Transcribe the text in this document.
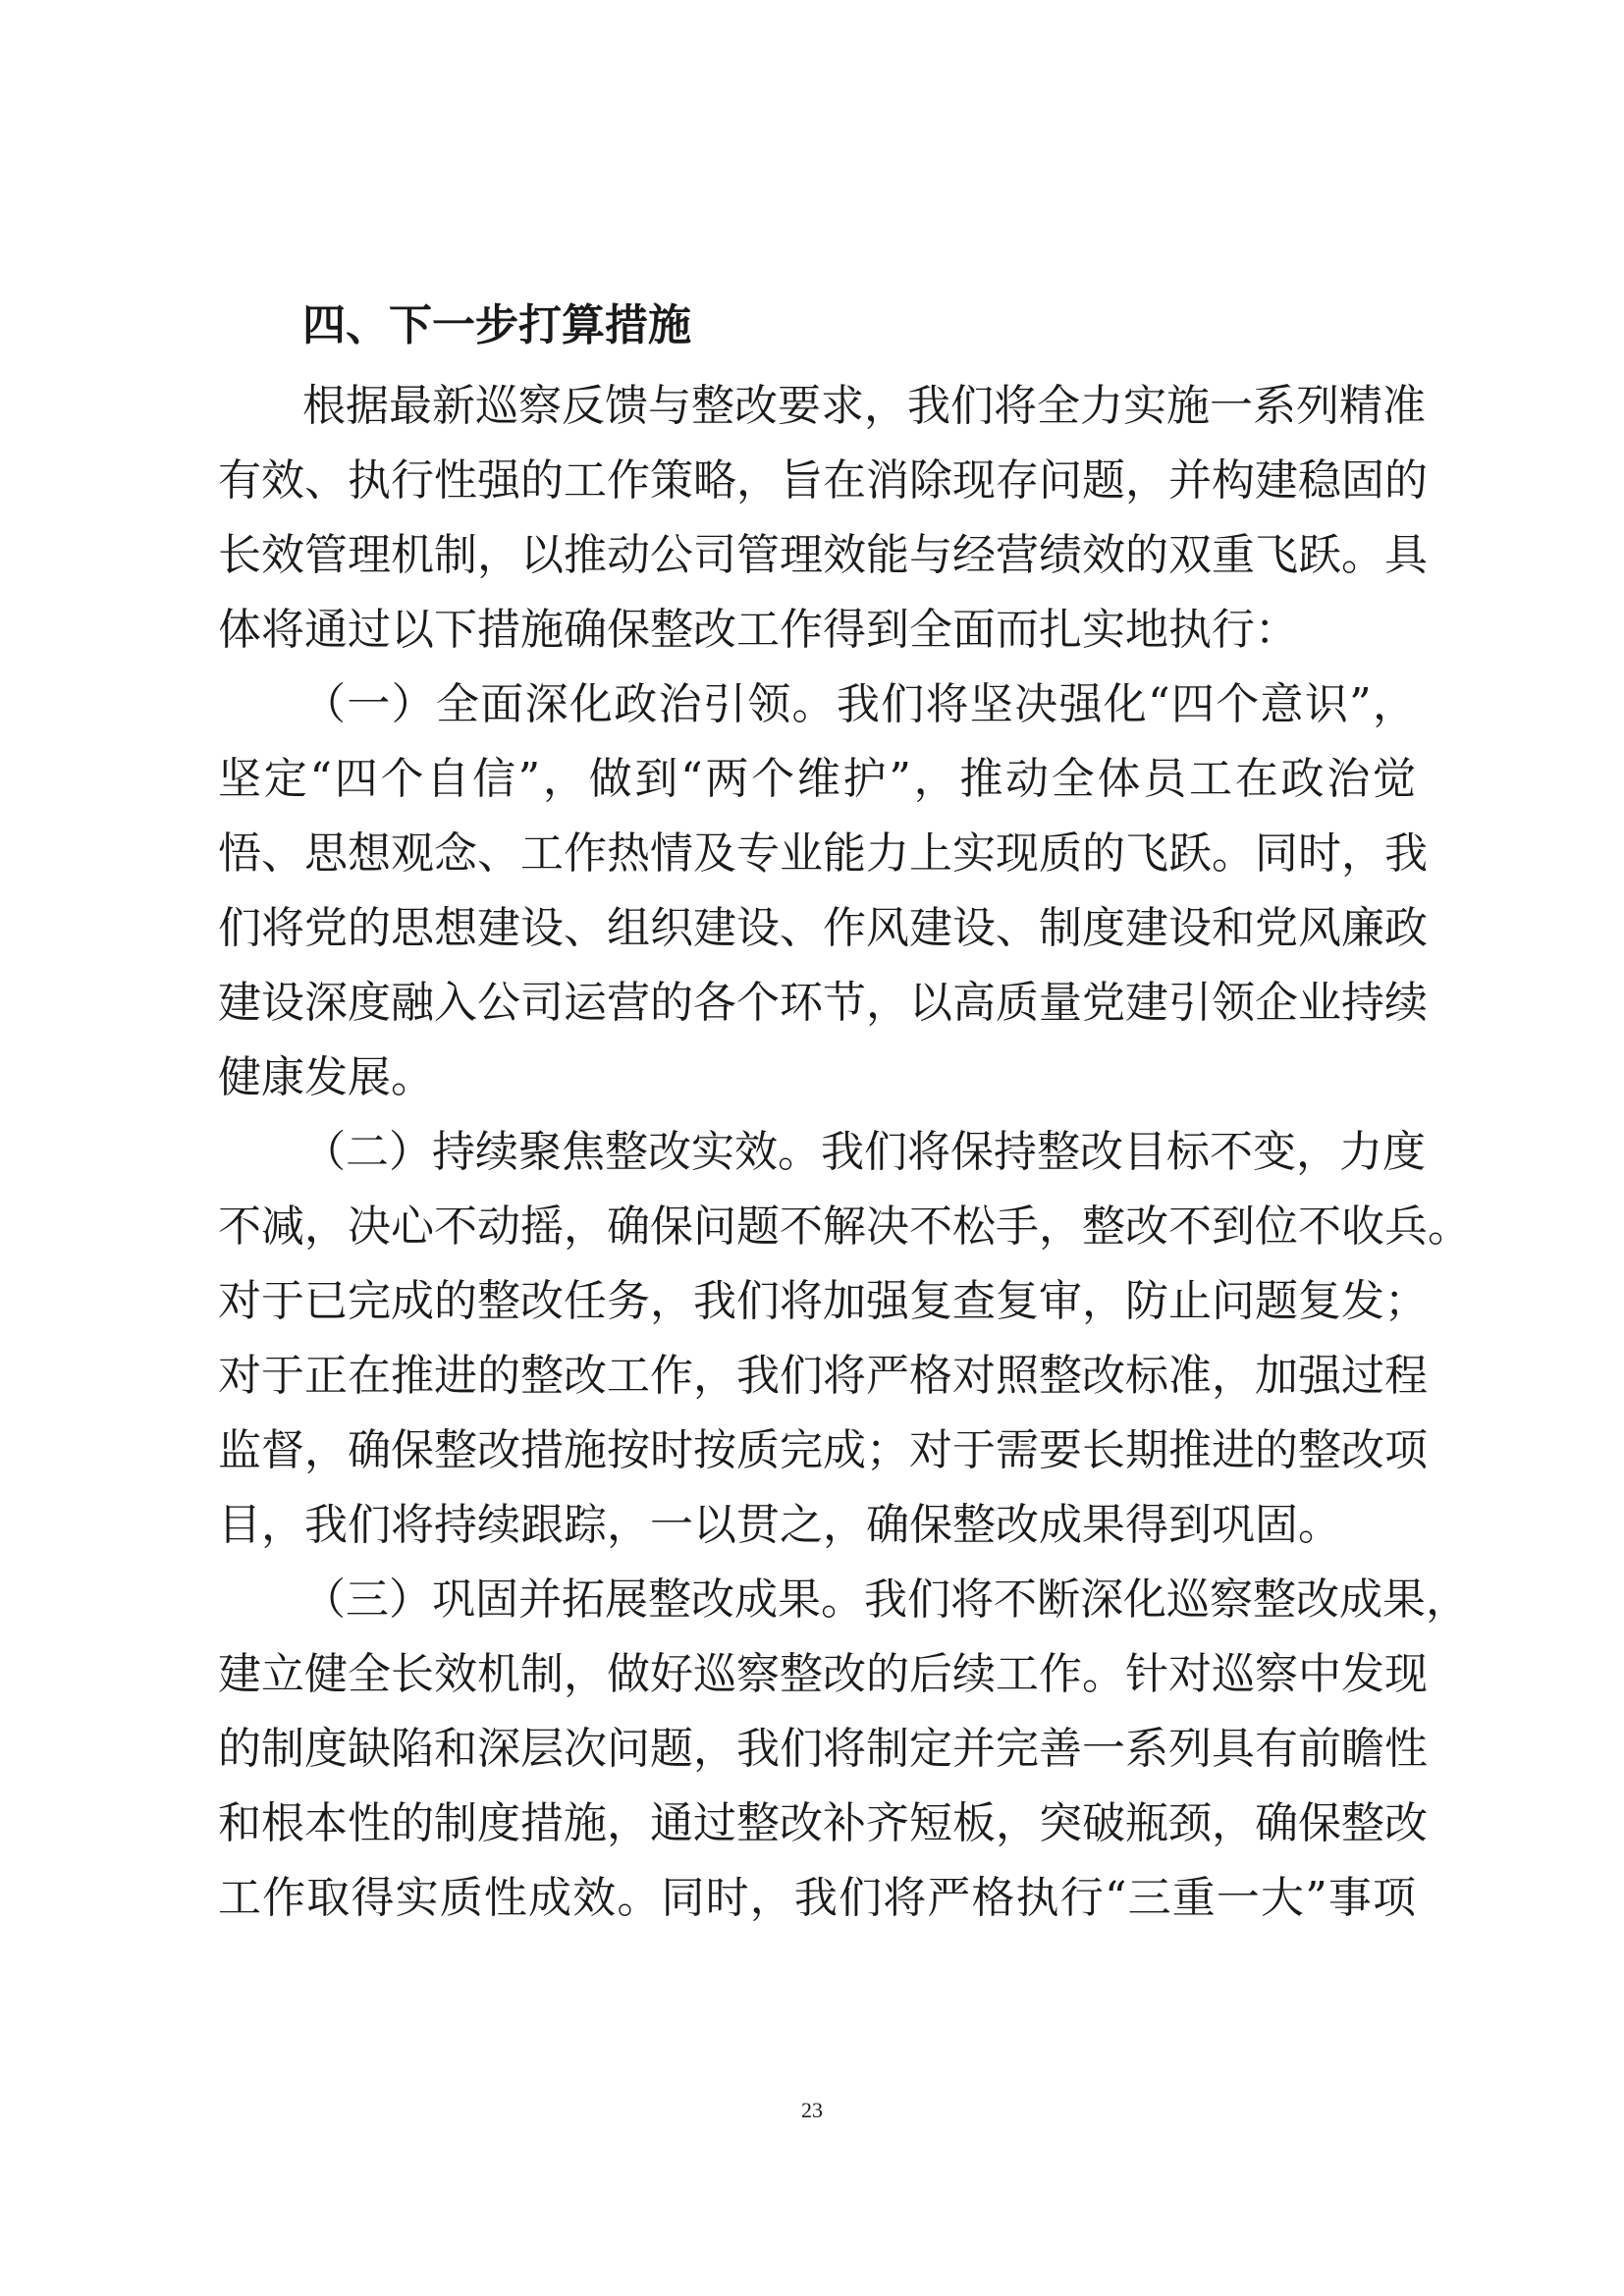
四、下一步打算措施
根据最新巡察反馈与整改要求，我们将全力实施一系列精准
有效、执行性强的工作策略，旨在消除现存问题，并构建稳固的
长效管理机制，以推动公司管理效能与经营绩效的双重飞跃。具
体将通过以下措施确保整改工作得到全面而扎实地执行：
（一）全面深化政治引领。我们将坚决强化“四个意识”，
坚定“四个自信”，做到“两个维护”，推动全体员工在政治觉
悟、思想观念、工作热情及专业能力上实现质的飞跃。同时，我
们将党的思想建设、组织建设、作风建设、制度建设和党风廉政
建设深度融入公司运营的各个环节，以高质量党建引领企业持续
健康发展。
（二）持续聚焦整改实效。我们将保持整改目标不变，力度
不减，决心不动摇，确保问题不解决不松手，整改不到位不收兵。
对于已完成的整改任务，我们将加强复查复审，防止问题复发；
对于正在推进的整改工作，我们将严格对照整改标准，加强过程
监督，确保整改措施按时按质完成；对于需要长期推进的整改项
目，我们将持续跟踪，一以贯之，确保整改成果得到巩固。
（三）巩固并拓展整改成果。我们将不断深化巡察整改成果，
建立健全长效机制，做好巡察整改的后续工作。针对巡察中发现
的制度缺陷和深层次问题，我们将制定并完善一系列具有前瞻性
和根本性的制度措施，通过整改补齐短板，突破瓶颈，确保整改
工作取得实质性成效。同时，我们将严格执行“三重一大”事项
23
